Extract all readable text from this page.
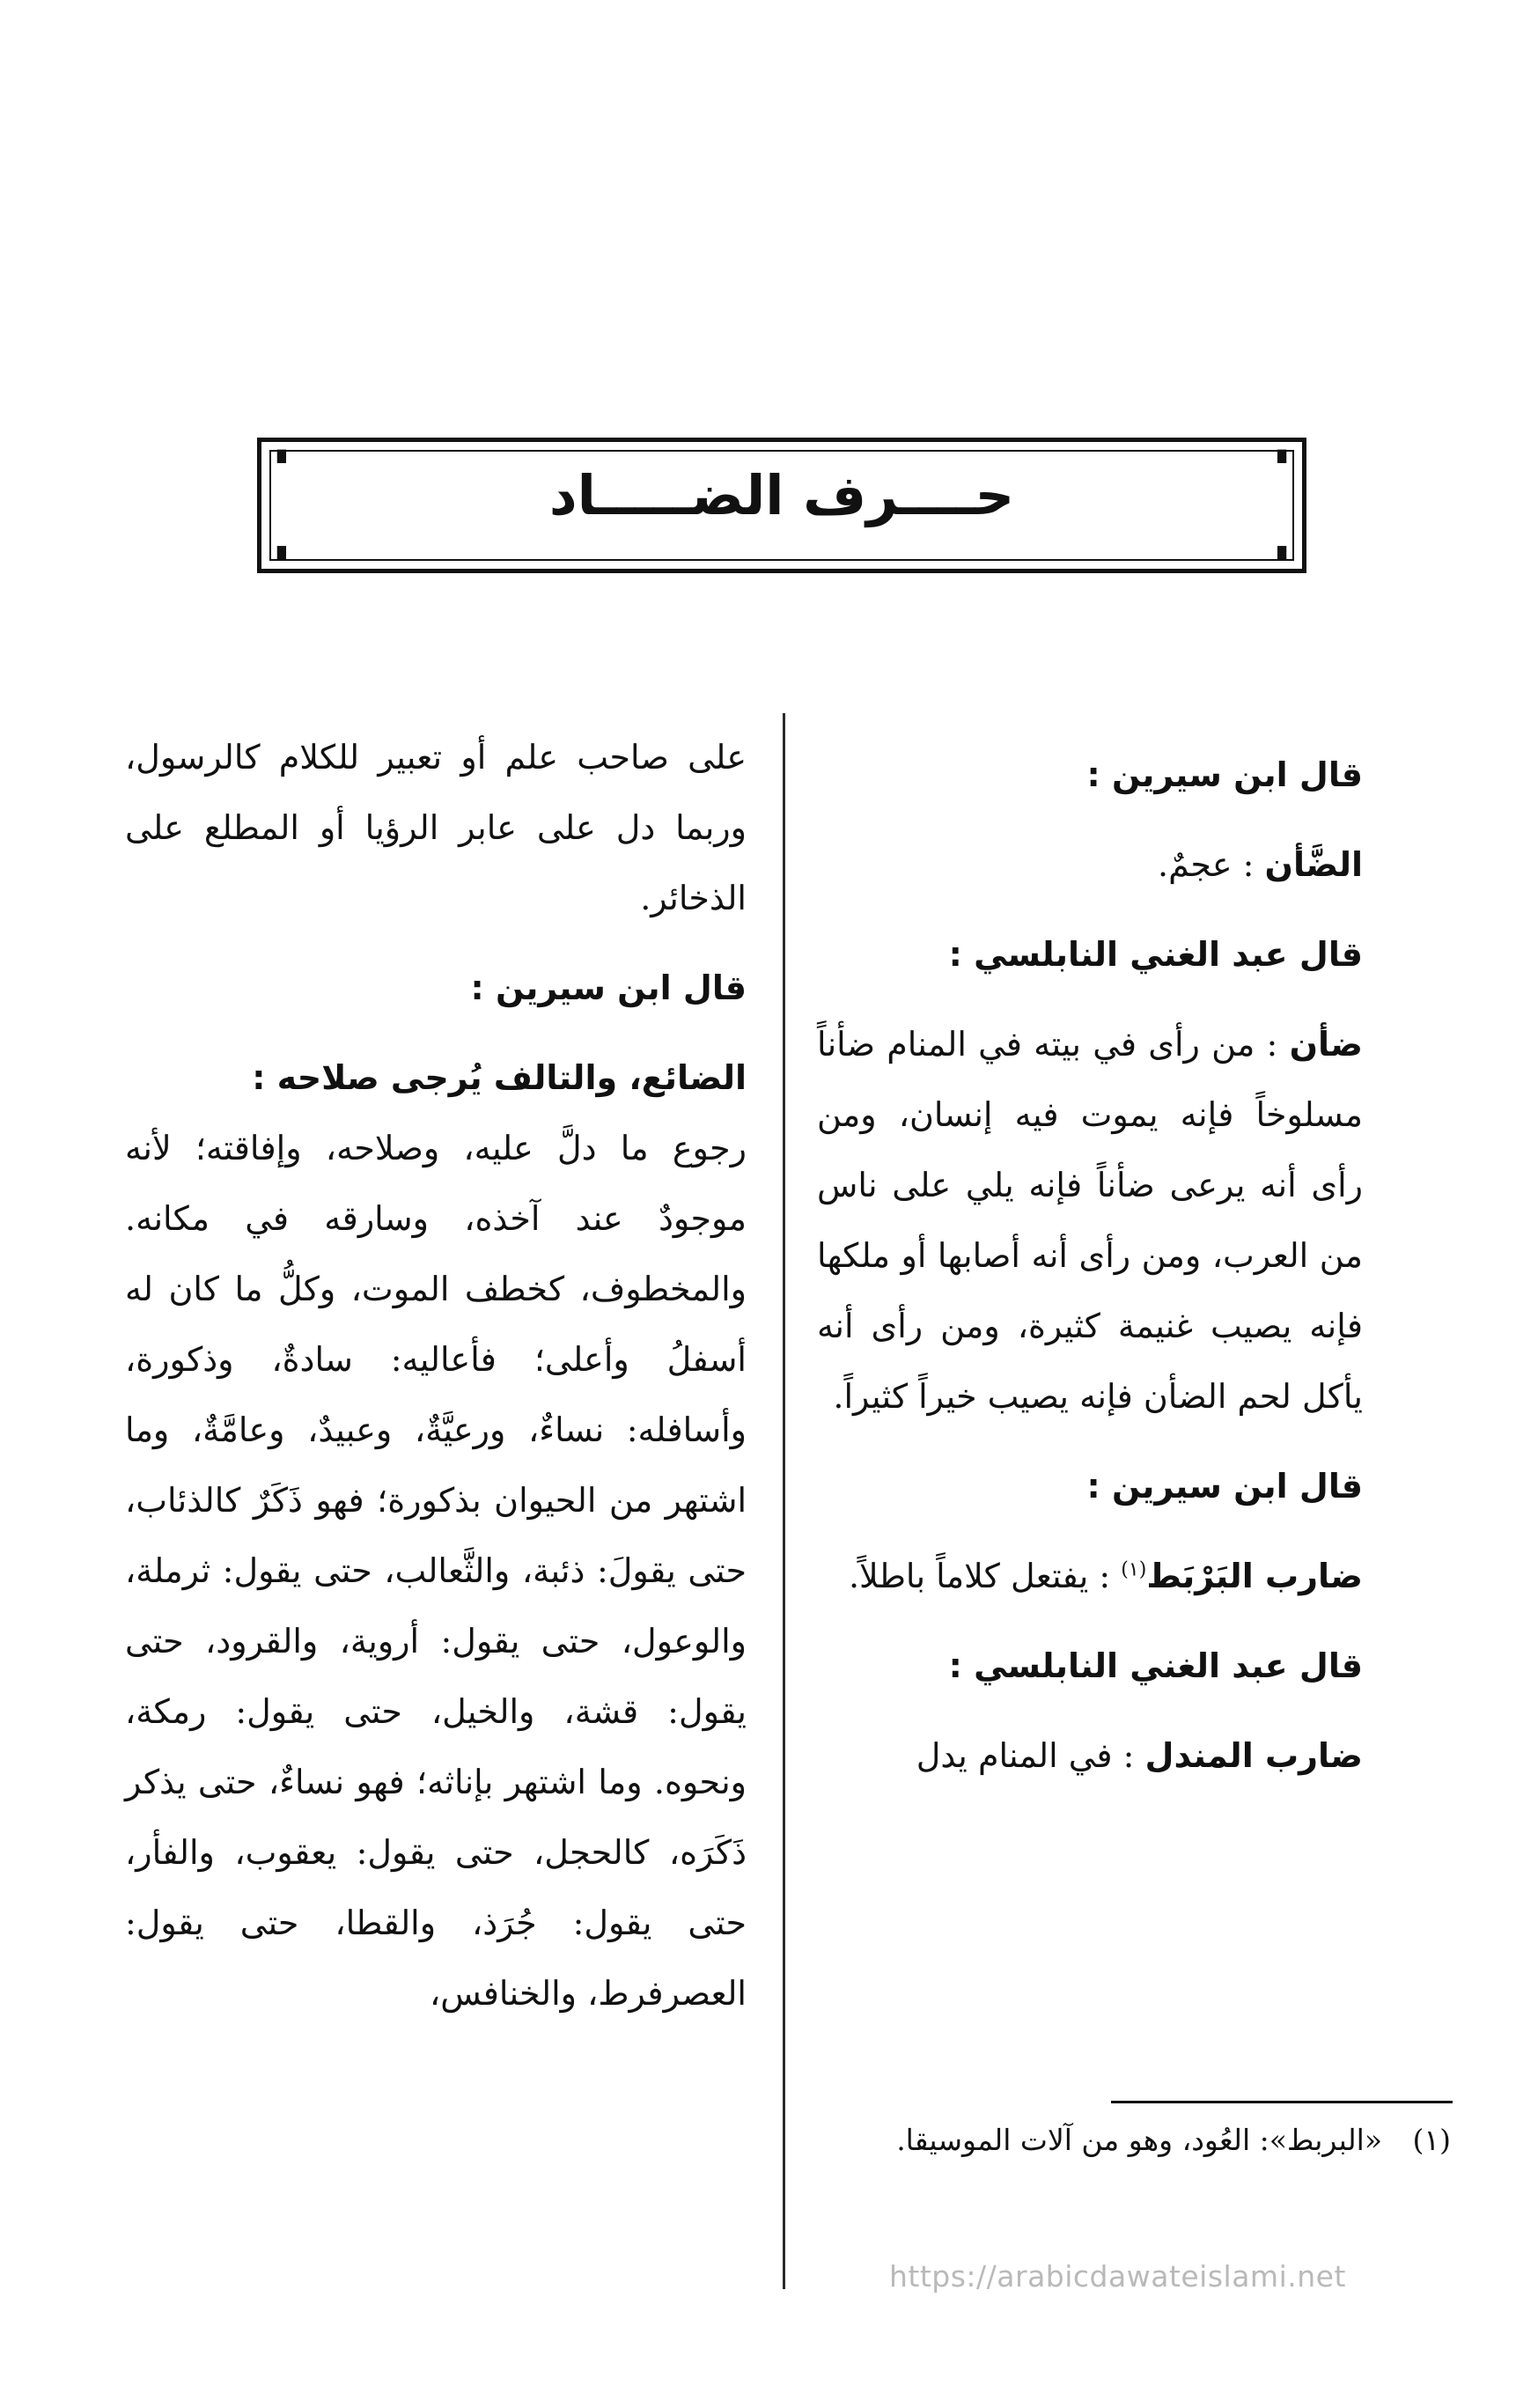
▘	▝
▖	▗
حــــرف الضـــــاد

قال ابن سيرين :

الضَّأن : عجمٌ.

قال عبد الغني النابلسي :

ضأن : من رأى في بيته في المنام ضأناً مسلوخاً فإنه يموت فيه إنسان، ومن رأى أنه يرعى ضأناً فإنه يلي على ناس من العرب، ومن رأى أنه أصابها أو ملكها فإنه يصيب غنيمة كثيرة، ومن رأى أنه يأكل لحم الضأن فإنه يصيب خيراً كثيراً.

قال ابن سيرين :

ضارب البَرْبَط$^{(١)}$ : يفتعل كلاماً باطلاً.

قال عبد الغني النابلسي :

ضارب المندل : في المنام يدل

على صاحب علم أو تعبير للكلام كالرسول، وربما دل على عابر الرؤيا أو المطلع على الذخائر.

قال ابن سيرين :

الضائع، والتالف يُرجى صلاحه :

رجوع ما دلَّ عليه، وصلاحه، وإفاقته؛ لأنه موجودٌ عند آخذه، وسارقه في مكانه. والمخطوف، كخطف الموت، وكلُّ ما كان له أسفلُ وأعلى؛ فأعاليه: سادةٌ، وذكورة، وأسافله: نساءٌ، ورعيَّةٌ، وعبيدٌ، وعامَّةٌ، وما اشتهر من الحيوان بذكورة؛ فهو ذَكَرٌ كالذئاب، حتى يقولَ: ذئبة، والثَّعالب، حتى يقول: ثرملة، والوعول، حتى يقول: أروية، والقرود، حتى يقول: قشة، والخيل، حتى يقول: رمكة، ونحوه. وما اشتهر بإناثه؛ فهو نساءٌ، حتى يذكر ذَكَرَه، كالحجل، حتى يقول: يعقوب، والفأر، حتى يقول: جُرَذ، والقطا، حتى يقول: العصرفرط، والخنافس،

(١) «البربط»: العُود، وهو من آلات الموسيقا.
https://arabicdawateislami.net
